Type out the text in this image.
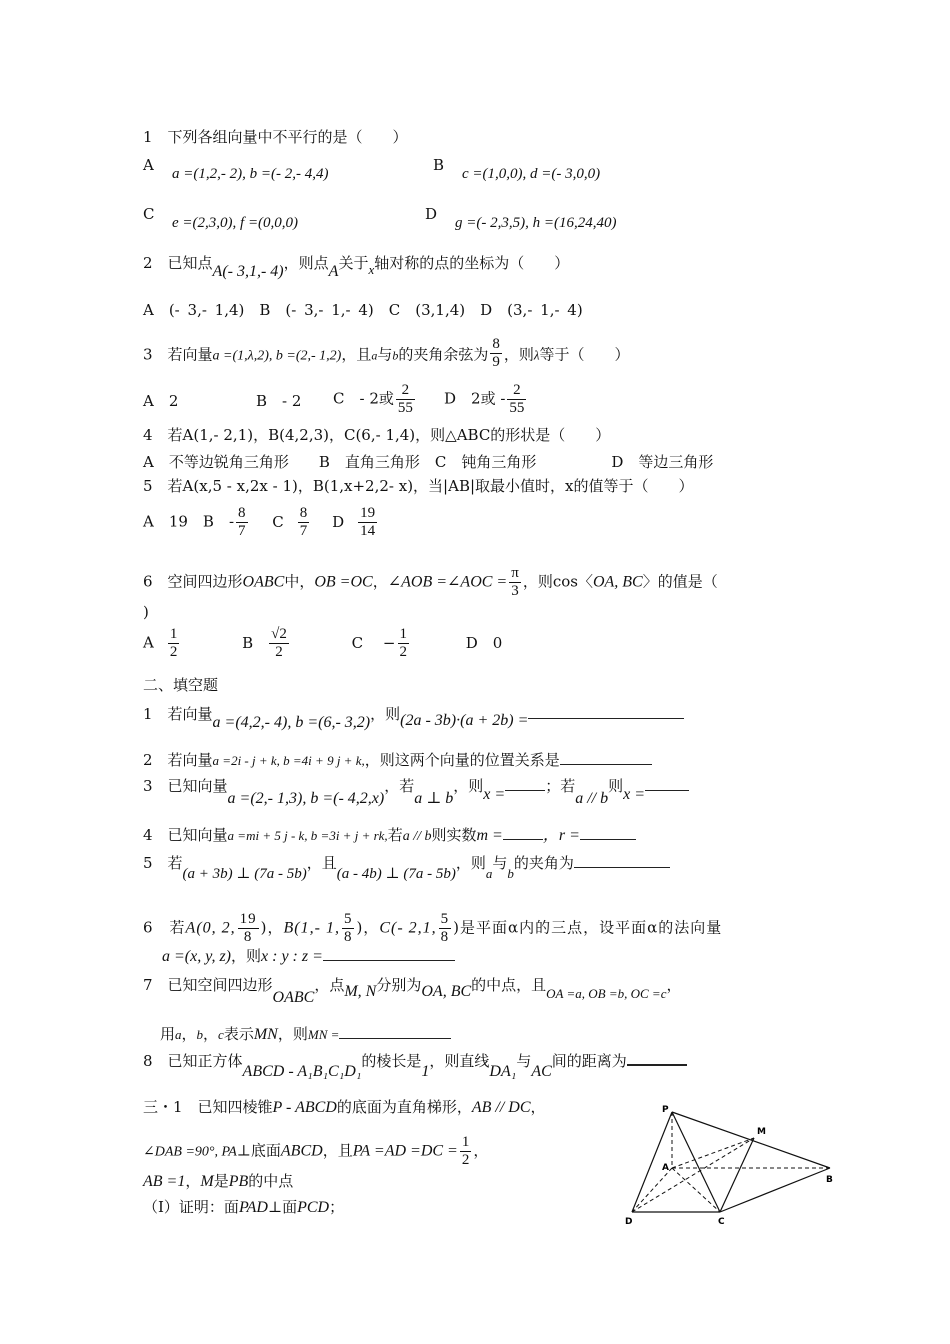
1　下列各组向量中不平行的是（　　）
A a =(1,2,- 2), b =(- 2,- 4,4)	B c =(1,0,0), d =(- 3,0,0)
C e =(2,3,0), f =(0,0,0)	D g =(- 2,3,5), h =(16,24,40)
2　已知点A(- 3,1,- 4)，则点A关于x轴对称的点的坐标为（　　）
A　(- 3,- 1,4)　B　(- 3,- 1,- 4)　C　(3,1,4)　D　(3,- 1,- 4)
3　若向量a =(1,λ,2), b =(2,- 1,2)，且a与b的夹角余弦为 $\frac{8}{9}$ ，则λ等于（　　）
A　2	B　- 2 C　- 2或 $\frac{2}{55}$ D　2或 - $\frac{2}{55}$
4　若A(1,- 2,1)，B(4,2,3)，C(6,- 1,4)，则△ABC的形状是（　　）
A　不等边锐角三角形　　B　直角三角形　C　钝角三角形　　　　　D　等边三角形
5　若A(x,5 - x,2x - 1)，B(1,x+2,2- x)，当|AB|取最小值时，x的值等于（　　）
A　19　B　- $\frac{8}{7}$ C $\frac{8}{7}$ D $\frac{19}{14}$
6　空间四边形OABC中，OB =OC，∠AOB =∠AOC = $\frac{\pi}{3}$ ，则cos〈OA, BC〉的值是（
)
A $\frac{1}{2}$	B $\frac{√2}{2}$	C　 − $\frac{1}{2}$	D　0
二、填空题
1　若向量a =(4,2,- 4), b =(6,- 3,2)，则(2a - 3b)·(a + 2b) =
2　若向量a =2i - j + k, b =4i + 9 j + k,，则这两个向量的位置关系是
3　已知向量a =(2,- 1,3), b =(- 4,2,x)，若a ⊥ b，则x =	；若a // b则x =
4　已知向量a =mi + 5 j - k, b =3i + j + rk,若a // b则实数m =	，r =
5　若(a + 3b) ⊥ (7a - 5b)，且(a - 4b) ⊥ (7a - 5b)，则a与b的夹角为
6　若A(0, 2, $\frac{19}{8}$ )，B(1,- 1, $\frac{5}{8}$ )，C(- 2,1, $\frac{5}{8}$ )是平面α内的三点，设平面α的法向量
a =(x, y, z)，则x : y : z =
7　已知空间四边形OABC，点M, N分别为OA, BC的中点，且OA =a, OB =b, OC =c，
用a，b，c表示MN，则MN =
8　已知正方体ABCD - A₁B₁C₁D₁的棱长是1，则直线DA₁与AC间的距离为
三・1　已知四棱锥P - ABCD的底面为直角梯形，AB // DC，
∠DAB =90°, PA⊥底面ABCD，且PA $=AD =DC = \frac{1}{2}$ ，
AB =1，M是PB的中点
（Ⅰ）证明：面PAD⊥面PCD；
P
M
A
B
C
D
